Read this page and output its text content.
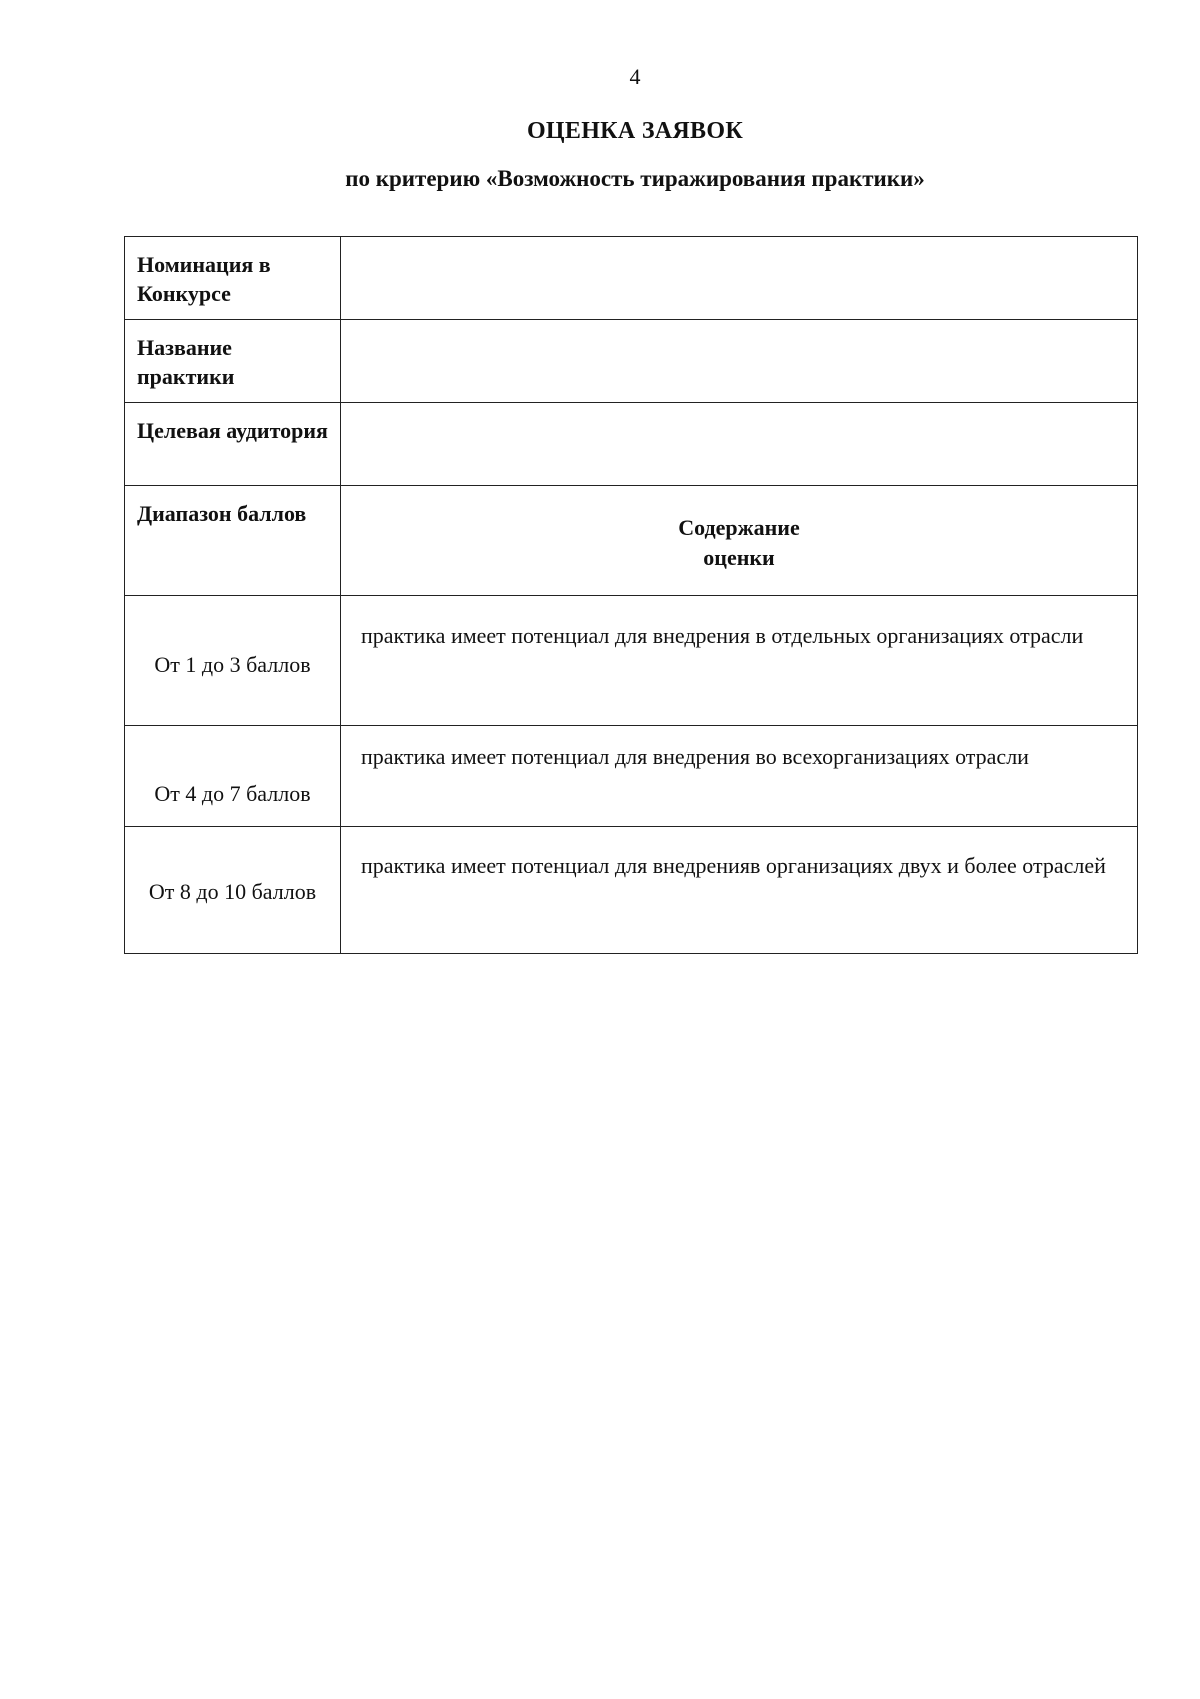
4
ОЦЕНКА ЗАЯВОК
по критерию «Возможность тиражирования практики»
Номинация в Конкурсе	
Название практики	
Целевая аудитория	
Диапазон баллов	Содержание оценки
От 1 до 3 баллов	практика имеет потенциал для внедрения в отдельных организациях отрасли
От 4 до 7 баллов	практика имеет потенциал для внедрения во всехорганизациях отрасли
От 8 до 10 баллов	практика имеет потенциал для внедренияв организациях двух и более отраслей
